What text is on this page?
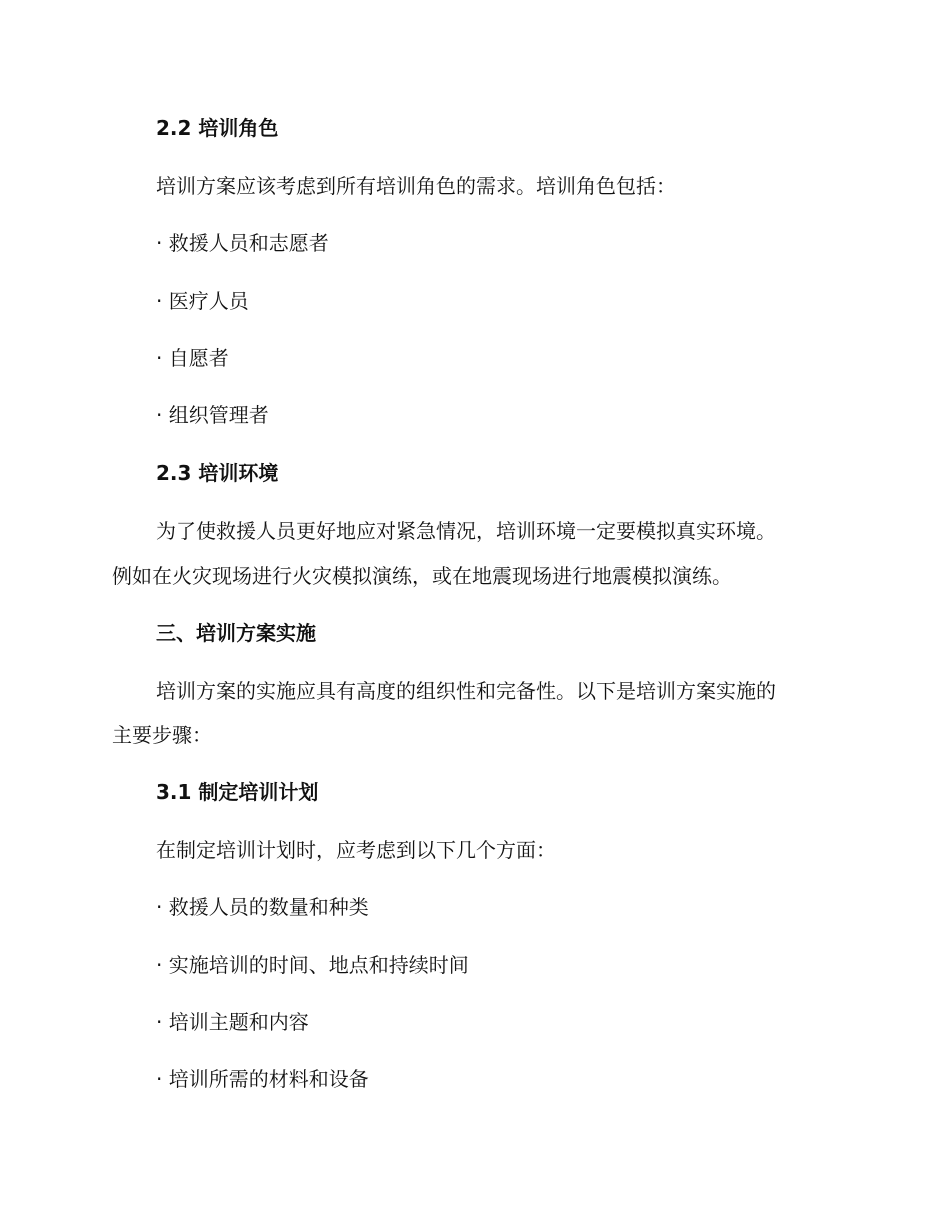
2.2 培训角色
培训方案应该考虑到所有培训角色的需求。培训角色包括：
· 救援人员和志愿者
· 医疗人员
· 自愿者
· 组织管理者
2.3 培训环境
为了使救援人员更好地应对紧急情况，培训环境一定要模拟真实环境。
例如在火灾现场进行火灾模拟演练，或在地震现场进行地震模拟演练。
三、培训方案实施
培训方案的实施应具有高度的组织性和完备性。以下是培训方案实施的
主要步骤：
3.1 制定培训计划
在制定培训计划时，应考虑到以下几个方面：
· 救援人员的数量和种类
· 实施培训的时间、地点和持续时间
· 培训主题和内容
· 培训所需的材料和设备
